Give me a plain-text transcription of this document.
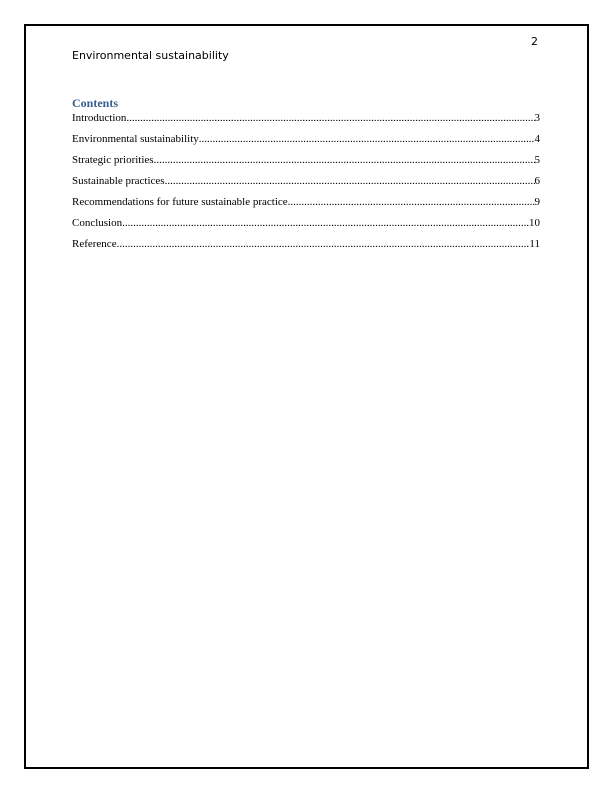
2
Environmental sustainability
Contents
Introduction .....	3
Environmental sustainability .....	4
Strategic priorities .....	5
Sustainable practices .....	6
Recommendations for future sustainable practice .....	9
Conclusion .....	10
Reference .....	11
